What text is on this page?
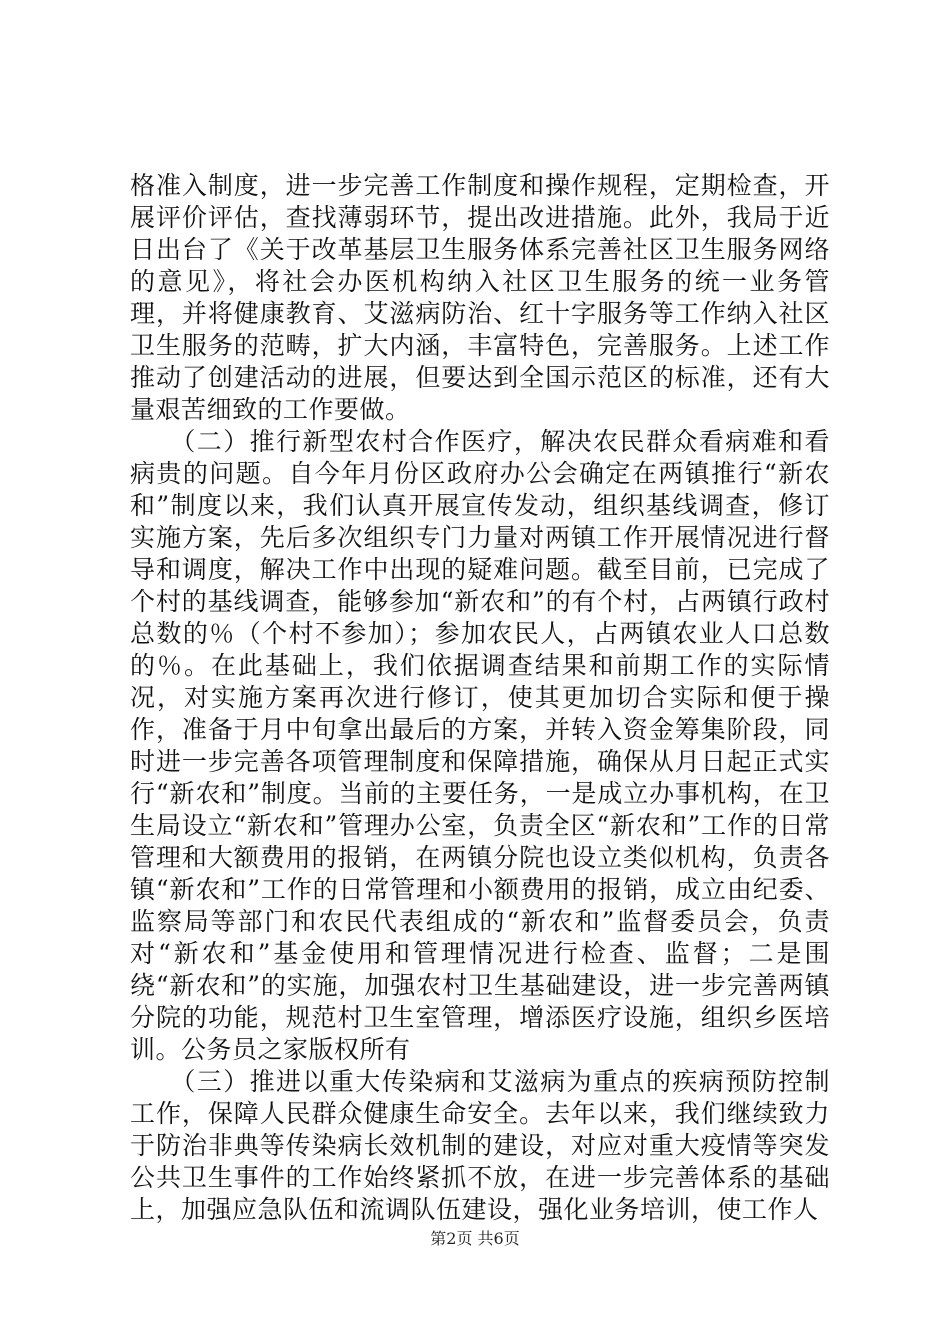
格准入制度，进一步完善工作制度和操作规程，定期检查，开展评价评估，查找薄弱环节，提出改进措施。此外，我局于近日出台了《关于改革基层卫生服务体系完善社区卫生服务网络的意见》，将社会办医机构纳入社区卫生服务的统一业务管理，并将健康教育、艾滋病防治、红十字服务等工作纳入社区卫生服务的范畴，扩大内涵，丰富特色，完善服务。上述工作推动了创建活动的进展，但要达到全国示范区的标准，还有大量艰苦细致的工作要做。

　　（二）推行新型农村合作医疗，解决农民群众看病难和看病贵的问题。自今年月份区政府办公会确定在两镇推行“新农和”制度以来，我们认真开展宣传发动，组织基线调查，修订实施方案，先后多次组织专门力量对两镇工作开展情况进行督导和调度，解决工作中出现的疑难问题。截至目前，已完成了个村的基线调查，能够参加“新农和”的有个村，占两镇行政村总数的％（个村不参加）；参加农民人，占两镇农业人口总数的％。在此基础上，我们依据调查结果和前期工作的实际情况，对实施方案再次进行修订，使其更加切合实际和便于操作，准备于月中旬拿出最后的方案，并转入资金筹集阶段，同时进一步完善各项管理制度和保障措施，确保从月日起正式实行“新农和”制度。当前的主要任务，一是成立办事机构，在卫生局设立“新农和”管理办公室，负责全区“新农和”工作的日常管理和大额费用的报销，在两镇分院也设立类似机构，负责各镇“新农和”工作的日常管理和小额费用的报销，成立由纪委、监察局等部门和农民代表组成的“新农和”监督委员会，负责对“新农和”基金使用和管理情况进行检查、监督；二是围绕“新农和”的实施，加强农村卫生基础建设，进一步完善两镇分院的功能，规范村卫生室管理，增添医疗设施，组织乡医培训。公务员之家版权所有

　　（三）推进以重大传染病和艾滋病为重点的疾病预防控制工作，保障人民群众健康生命安全。去年以来，我们继续致力于防治非典等传染病长效机制的建设，对应对重大疫情等突发公共卫生事件的工作始终紧抓不放，在进一步完善体系的基础上，加强应急队伍和流调队伍建设，强化业务培训，使工作人

第2页 共6页
